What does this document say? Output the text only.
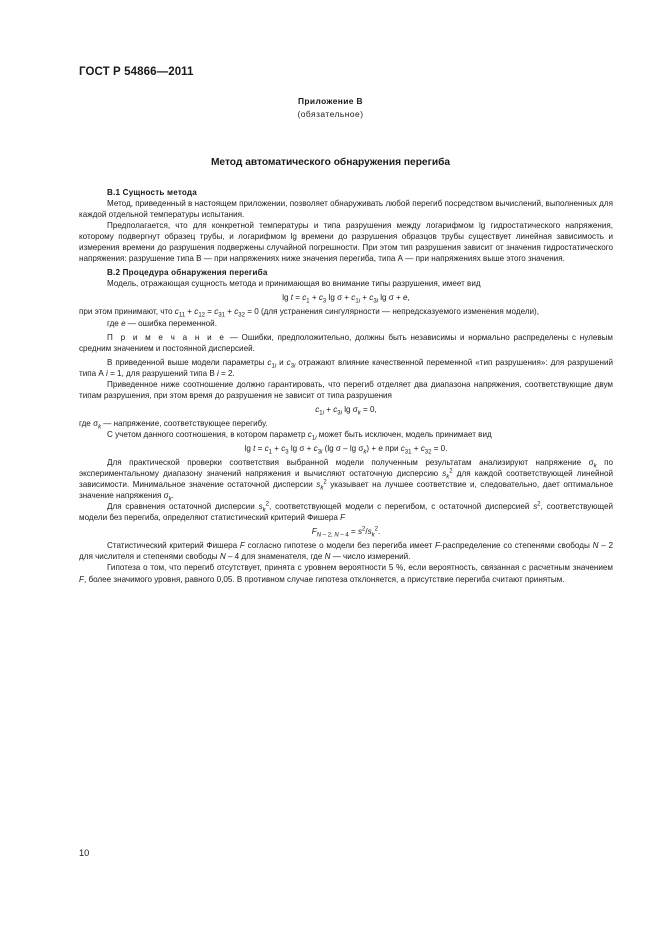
ГОСТ Р 54866—2011
Приложение В
(обязательное)
Метод автоматического обнаружения перегиба

В.1 Сущность метода

Метод, приведенный в настоящем приложении, позволяет обнаруживать любой перегиб посредством вычислений, выполненных для каждой отдельной температуры испытания.

Предполагается, что для конкретной температуры и типа разрушения между логарифмом lg гидростатического напряжения, которому подвергнут образец трубы, и логарифмом lg времени до разрушения образцов трубы существует линейная зависимость и измерения времени до разрушения подвержены случайной погрешности. При этом тип разрушения зависит от значения гидростатического напряжения: разрушение типа В — при напряжениях ниже значения перегиба, типа А — при напряжениях выше этого значения.

В.2 Процедура обнаружения перегиба

Модель, отражающая сущность метода и принимающая во внимание типы разрушения, имеет вид

$\lg t = c_1 + c_3$ $\lg \sigma + c_{1i} + c_{3i}$ lg σ + e,

при этом принимают, что $c_{11} + c_{12} = c_{31} + c_{32} = 0$ (для устранения сингулярности — непредсказуемого изменения модели),

где e — ошибка переменной.

П р и м е ч а н и е — Ошибки, предположительно, должны быть независимы и нормально распределены с нулевым средним значением и постоянной дисперсией.

В приведенной выше модели параметры $c_{1i}$ и $c_{3i}$ отражают влияние качественной переменной «тип разрушения»: для разрушений типа А i = 1, для разрушений типа В i = 2.

Приведенное ниже соотношение должно гарантировать, что перегиб отделяет два диапазона напряжения, соответствующие двум типам разрушения, при этом время до разрушения не зависит от типа разрушения

$c_{1i} + c_{3i}$ $\lg \sigma_k = 0$,

где $\sigma_k$ — напряжение, соответствующее перегибу.

С учетом данного соотношения, в котором параметр $c_{1i}$ может быть исключен, модель принимает вид

$\lg t = c_1 + c_3$ $\lg \sigma + c_{3i}$ (lg $\sigma - \lg \sigma_k) + e$ при $c_{31} + c_{32} = 0$.

Для практической проверки соответствия выбранной модели полученным результатам анализируют напряжение $\sigma_k$ по экспериментальному диапазону значений напряжения и вычисляют остаточную дисперсию $s_k^2$ для каждой соответствующей линейной зависимости. Минимальное значение остаточной дисперсии $s_k^2$ указывает на лучшее соответствие и, следовательно, дает оптимальное значение напряжения $\sigma_k$.

Для сравнения остаточной дисперсии $s_k^2$, соответствующей модели с перегибом, с остаточной дисперсией $s^2$, соответствующей модели без перегиба, определяют статистический критерий Фишера F

$F_{N - 2, N - 4} = s^2/s_k^2$.

Статистический критерий Фишера F согласно гипотезе о модели без перегиба имеет F-распределение со степенями свободы N – 2 для числителя и степенями свободы N – 4 для знаменателя, где N — число измерений.

Гипотеза о том, что перегиб отсутствует, принята с уровнем вероятности 5 %, если вероятность, связанная с расчетным значением F, более значимого уровня, равного 0,05. В противном случае гипотеза отклоняется, а присутствие перегиба считают принятым.

10
